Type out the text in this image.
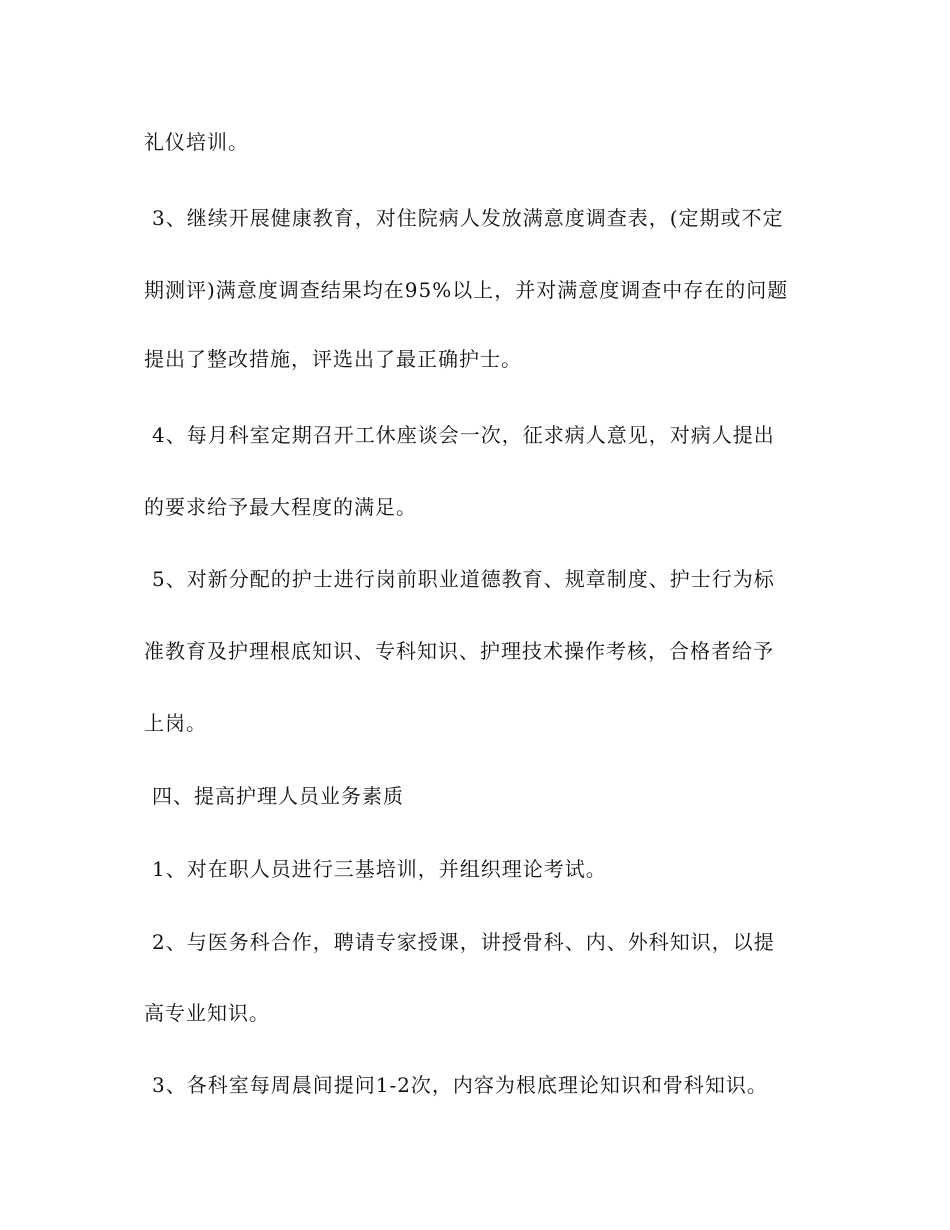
礼仪培训。
3、继续开展健康教育，对住院病人发放满意度调查表，(定期或不定
期测评)满意度调查结果均在95%以上，并对满意度调查中存在的问题
提出了整改措施，评选出了最正确护士。
4、每月科室定期召开工休座谈会一次，征求病人意见，对病人提出
的要求给予最大程度的满足。
5、对新分配的护士进行岗前职业道德教育、规章制度、护士行为标
准教育及护理根底知识、专科知识、护理技术操作考核，合格者给予
上岗。
四、提高护理人员业务素质
1、对在职人员进行三基培训，并组织理论考试。
2、与医务科合作，聘请专家授课，讲授骨科、内、外科知识，以提
高专业知识。
3、各科室每周晨间提问1-2次，内容为根底理论知识和骨科知识。
